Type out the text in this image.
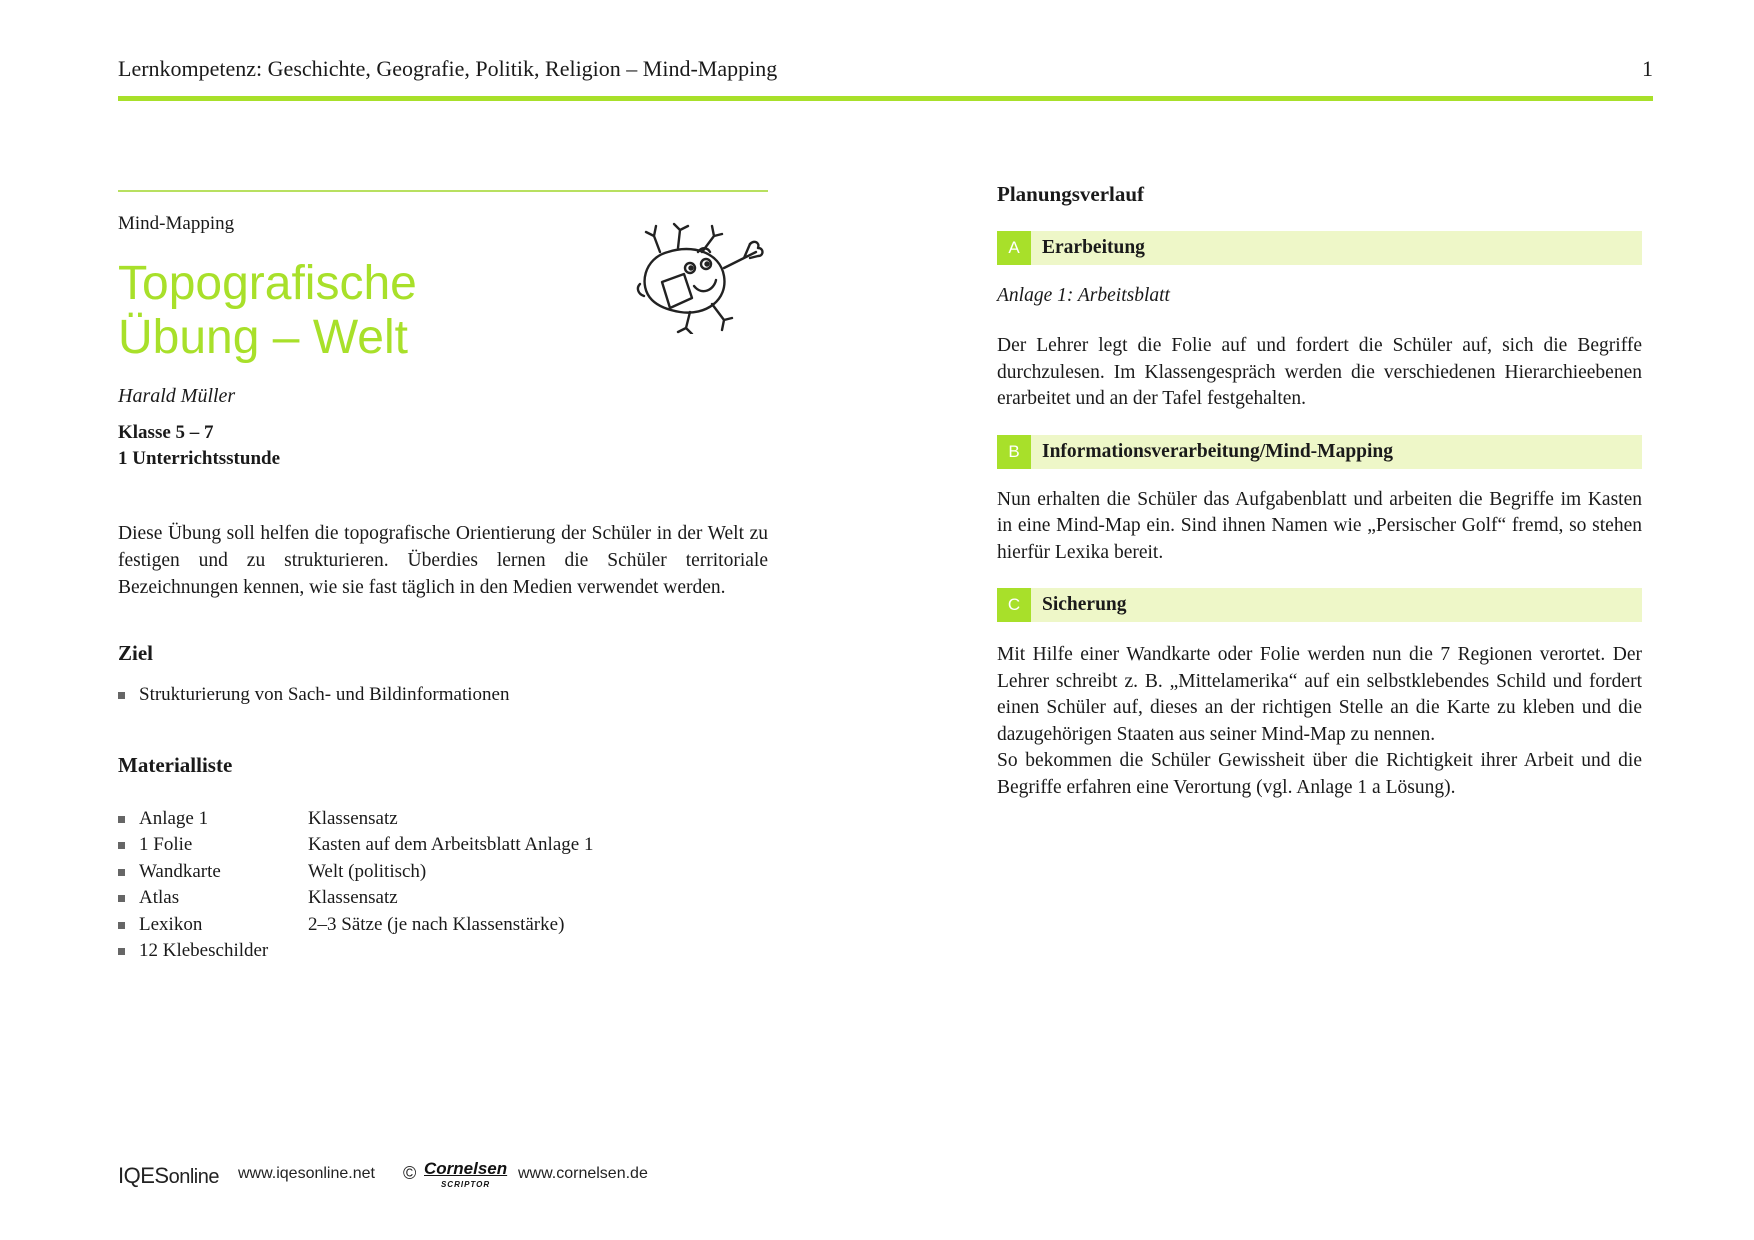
Lernkompetenz: Geschichte, Geografie, Politik, Religion – Mind-Mapping	1
Mind-Mapping
Topografische
Übung – Welt
Harald Müller
Klasse 5 – 7
1 Unterrichtsstunde
Diese Übung soll helfen die topografische Orientierung der Schüler in der Welt zu festigen und zu strukturieren. Überdies lernen die Schüler territoriale Bezeichnungen kennen, wie sie fast täglich in den Medien verwendet werden.
Ziel
Strukturierung von Sach- und Bildinformationen
Materialliste
Anlage 1	Klassensatz
1 Folie	Kasten auf dem Arbeitsblatt Anlage 1
Wandkarte	Welt (politisch)
Atlas	Klassensatz
Lexikon	2–3 Sätze (je nach Klassenstärke)
12 Klebeschilder
Planungsverlauf
A	Erarbeitung
Anlage 1: Arbeitsblatt
Der Lehrer legt die Folie auf und fordert die Schüler auf, sich die Begriffe durchzulesen. Im Klassengespräch werden die verschiedenen Hierarchieebenen erarbeitet und an der Tafel festgehalten.
B	Informationsverarbeitung/Mind-Mapping
Nun erhalten die Schüler das Aufgabenblatt und arbeiten die Begriffe im Kasten in eine Mind-Map ein. Sind ihnen Namen wie „Persischer Golf“ fremd, so stehen hierfür Lexika bereit.
C	Sicherung
Mit Hilfe einer Wandkarte oder Folie werden nun die 7 Regionen verortet. Der Lehrer schreibt z. B. „Mittelamerika“ auf ein selbstklebendes Schild und fordert einen Schüler auf, dieses an der richtigen Stelle an die Karte zu kleben und die dazugehörigen Staaten aus seiner Mind-Map zu nennen.
So bekommen die Schüler Gewissheit über die Richtigkeit ihrer Arbeit und die Begriffe erfahren eine Verortung (vgl. Anlage 1 a Lösung).
IQESonline www.iqesonline.net © Cornelsen
SCRIPTOR
www.cornelsen.de
